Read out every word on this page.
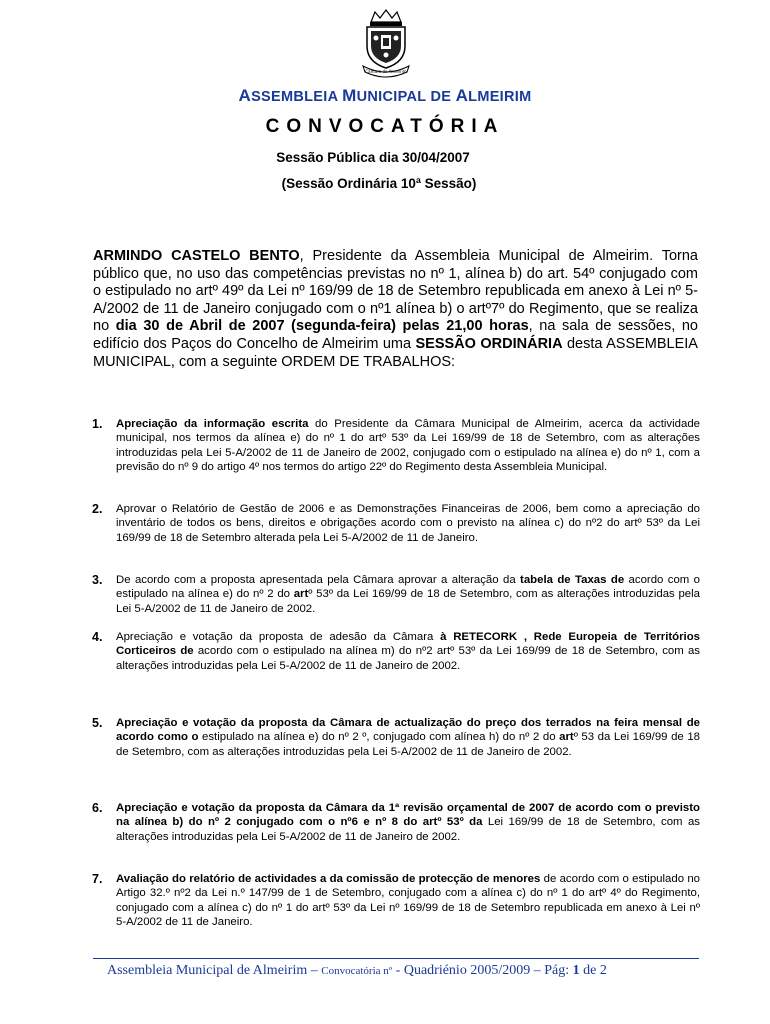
Câmara de Almeirim
ASSEMBLEIA MUNICIPAL DE ALMEIRIM
CONVOCATÓRIA
Sessão Pública dia 30/04/2007
(Sessão Ordinária 10ª Sessão)
ARMINDO CASTELO BENTO, Presidente da Assembleia Municipal de Almeirim. Torna público que, no uso das competências previstas no nº 1, alínea b) do art. 54º conjugado com o estipulado no artº 49º da Lei nº 169/99 de 18 de Setembro republicada em anexo à Lei nº 5-A/2002 de 11 de Janeiro conjugado com o nº1 alínea b) o artº7º do Regimento, que se realiza no dia 30 de Abril de 2007 (segunda-feira) pelas 21,00 horas, na sala de sessões, no edifício dos Paços do Concelho de Almeirim uma SESSÃO ORDINÁRIA desta ASSEMBLEIA MUNICIPAL, com a seguinte ORDEM DE TRABALHOS:
1. Apreciação da informação escrita do Presidente da Câmara Municipal de Almeirim, acerca da actividade municipal, nos termos da alínea e) do nº 1 do artº 53º da Lei 169/99 de 18 de Setembro, com as alterações introduzidas pela Lei 5-A/2002 de 11 de Janeiro de 2002, conjugado com o estipulado na alínea e) do nº 1, com a previsão do nº 9 do artigo 4º nos termos do artigo 22º do Regimento desta Assembleia Municipal.
2. Aprovar o Relatório de Gestão de 2006 e as Demonstrações Financeiras de 2006, bem como a apreciação do inventário de todos os bens, direitos e obrigações acordo com o previsto na alínea c) do nº2 do artº 53º da Lei 169/99 de 18 de Setembro alterada pela Lei 5-A/2002 de 11 de Janeiro.
3. De acordo com a proposta apresentada pela Câmara aprovar a alteração da tabela de Taxas de acordo com o estipulado na alínea e) do nº 2 do artº 53º da Lei 169/99 de 18 de Setembro, com as alterações introduzidas pela Lei 5-A/2002 de 11 de Janeiro de 2002.
4. Apreciação e votação da proposta de adesão da Câmara à RETECORK , Rede Europeia de Territórios Corticeiros de acordo com o estipulado na alínea m) do nº2 artº 53º da Lei 169/99 de 18 de Setembro, com as alterações introduzidas pela Lei 5-A/2002 de 11 de Janeiro de 2002.
5. Apreciação e votação da proposta da Câmara de actualização do preço dos terrados na feira mensal de acordo como o estipulado na alínea e) do nº 2 º, conjugado com alínea h) do nº 2 do artº 53 da Lei 169/99 de 18 de Setembro, com as alterações introduzidas pela Lei 5-A/2002 de 11 de Janeiro de 2002.
6. Apreciação e votação da proposta da Câmara da 1ª revisão orçamental de 2007 de acordo com o previsto na alínea b) do nº 2 conjugado com o nº6 e nº 8 do artº 53º da Lei 169/99 de 18 de Setembro, com as alterações introduzidas pela Lei 5-A/2002 de 11 de Janeiro de 2002.
7. Avaliação do relatório de actividades a da comissão de protecção de menores de acordo com o estipulado no Artigo 32.º nº2 da Lei n.º 147/99 de 1 de Setembro, conjugado com a alínea c) do nº 1 do artº 4º do Regimento, conjugado com a alínea c) do nº 1 do artº 53º da Lei nº 169/99 de 18 de Setembro republicada em anexo à Lei nº 5-A/2002 de 11 de Janeiro.
Assembleia Municipal de Almeirim – Convocatória nº - Quadriénio 2005/2009 – Pág: 1 de 2
